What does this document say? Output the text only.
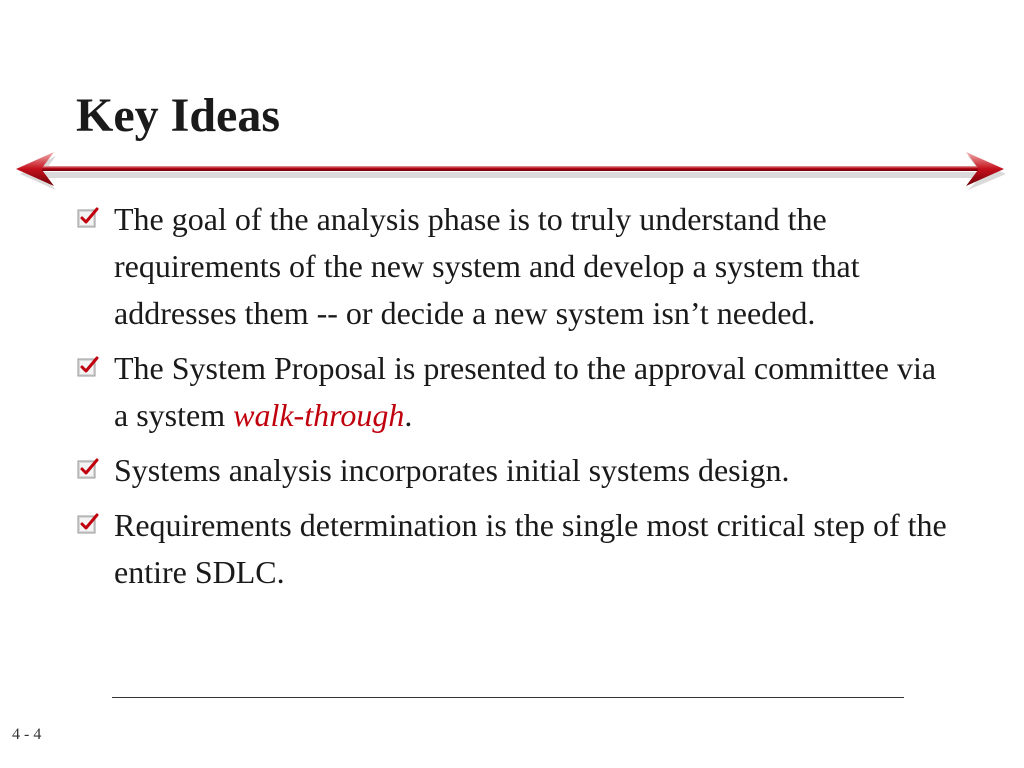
Key Ideas
The goal of the analysis phase is to truly understand the requirements of the new system and develop a system that addresses them -- or decide a new system isn’t needed.
The System Proposal is presented to the approval committee via a system walk-through.
Systems analysis incorporates initial systems design.
Requirements determination is the single most critical step of the entire SDLC.
4 - 4
